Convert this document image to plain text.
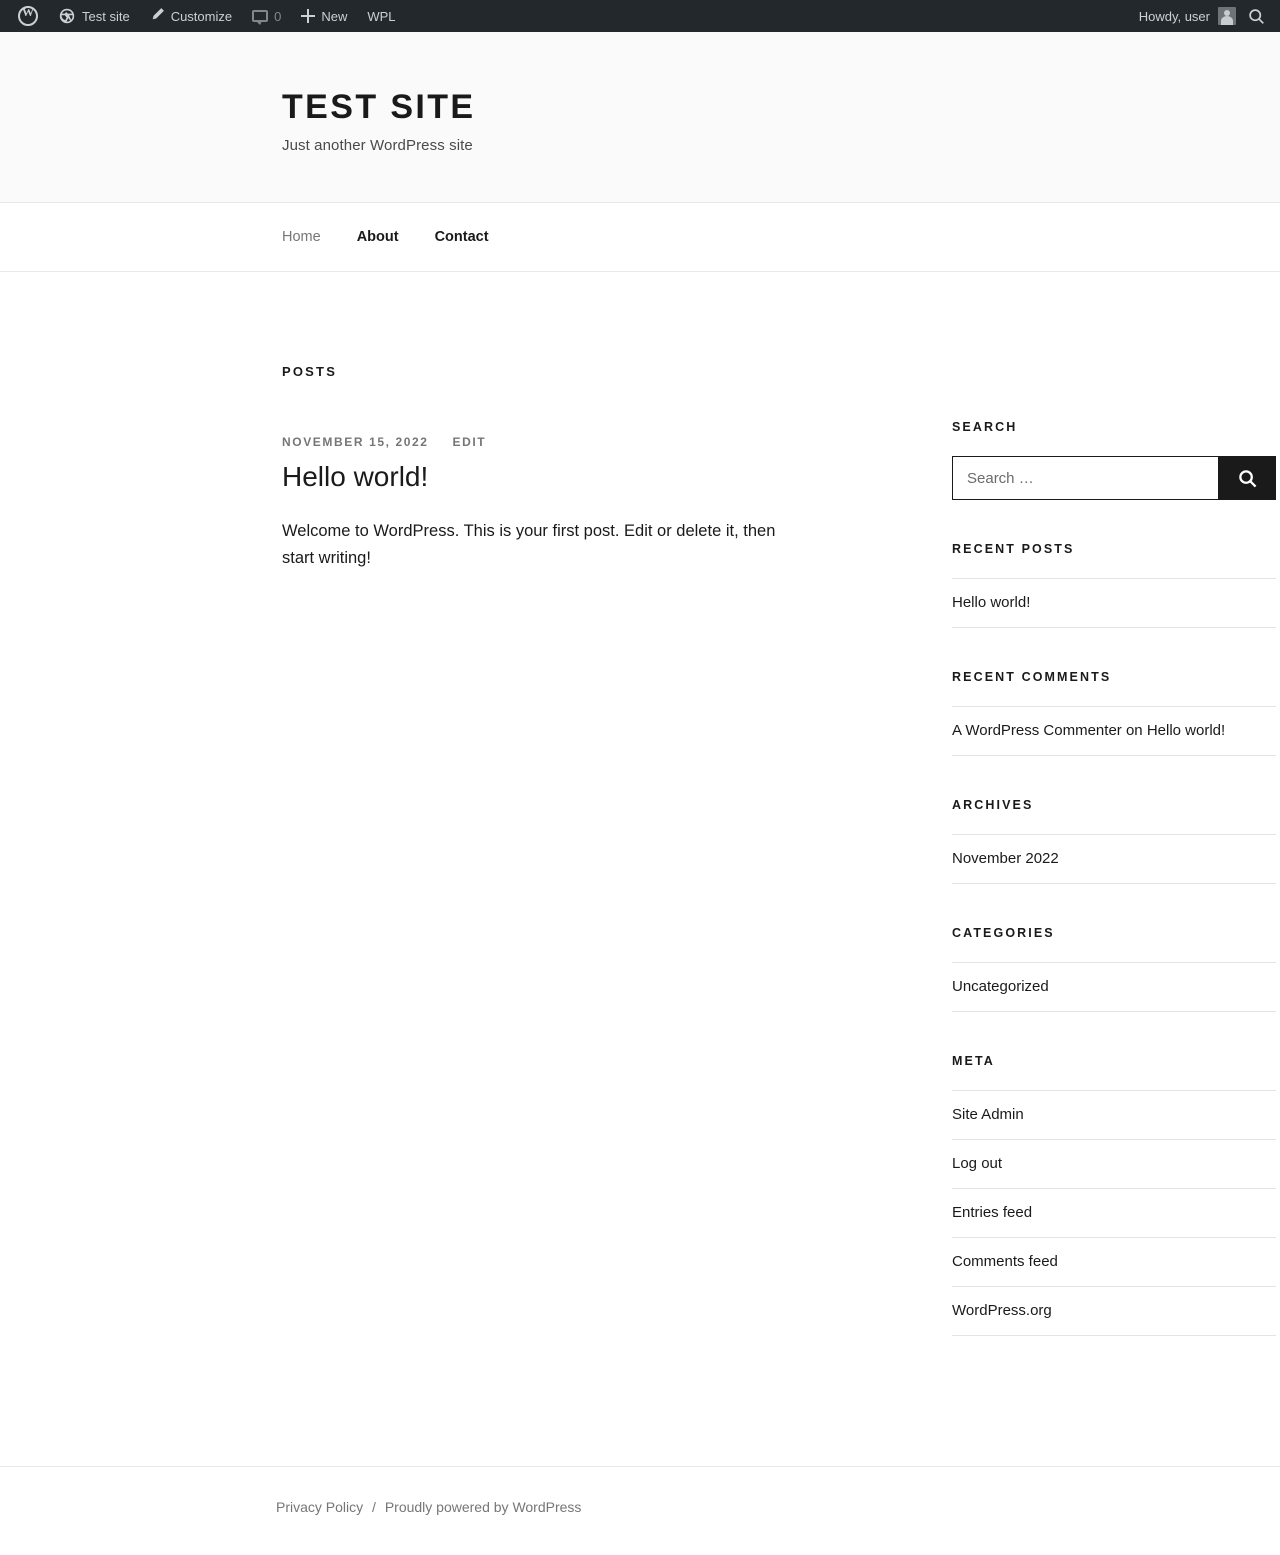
W
Test site	Customize	0	New WPL	Howdy, user
TEST SITE

Just another WordPress site

Home About Contact
POSTS
NOVEMBER 15, 2022 EDIT
Hello world!

Welcome to WordPress. This is your first post. Edit or delete it, then start writing!

SEARCH
Search …
RECENT POSTS
Hello world!
RECENT COMMENTS
A WordPress Commenter on Hello world!
ARCHIVES
November 2022
CATEGORIES
Uncategorized
META
Site Admin
Log out
Entries feed
Comments feed
WordPress.org
Privacy Policy / Proudly powered by WordPress
